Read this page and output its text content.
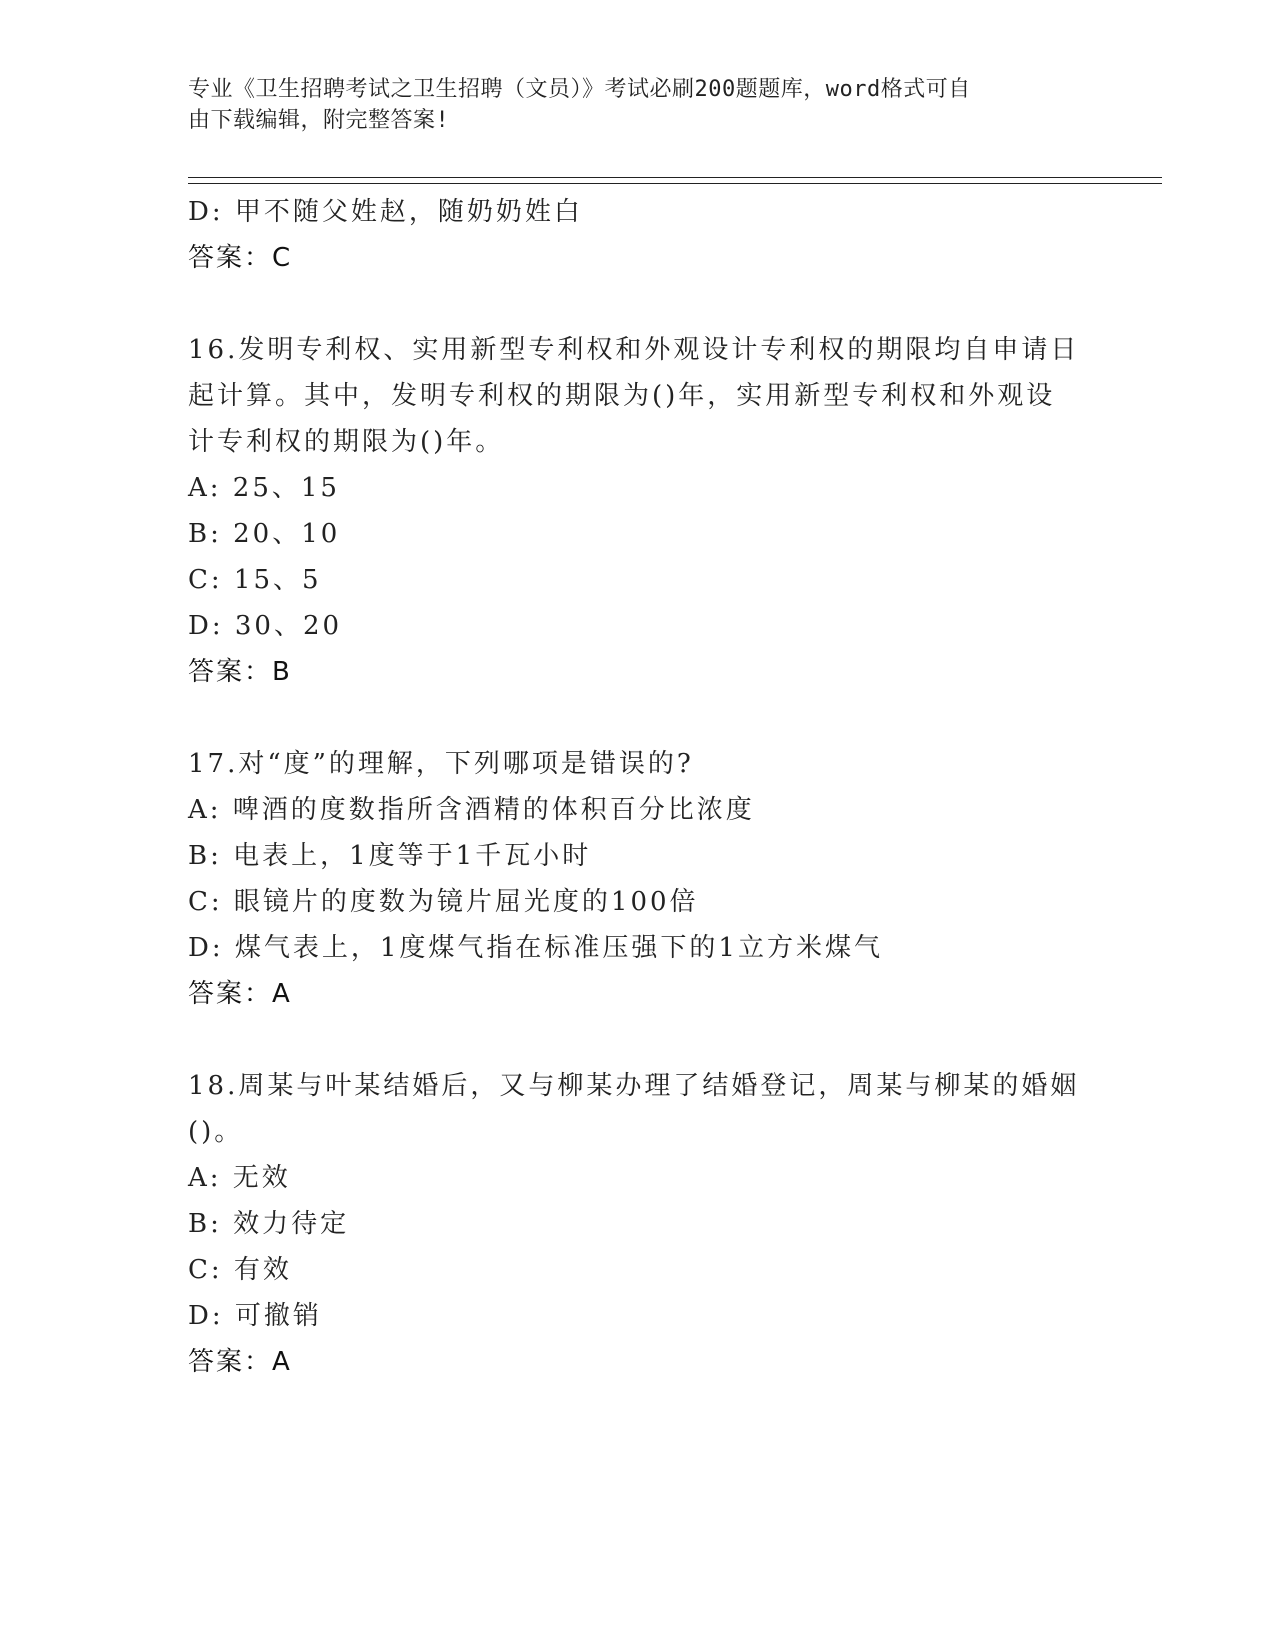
专业《卫生招聘考试之卫生招聘（文员）》考试必刷200题题库，word格式可自
由下载编辑，附完整答案!
D: 甲不随父姓赵，随奶奶姓白
答案：C
16.发明专利权、实用新型专利权和外观设计专利权的期限均自申请日
起计算。其中，发明专利权的期限为()年，实用新型专利权和外观设
计专利权的期限为()年。
A: 25、15
B: 20、10
C: 15、5
D: 30、20
答案：B
17.对“度”的理解，下列哪项是错误的?
A: 啤酒的度数指所含酒精的体积百分比浓度
B: 电表上，1度等于1千瓦小时
C: 眼镜片的度数为镜片屈光度的100倍
D: 煤气表上，1度煤气指在标准压强下的1立方米煤气
答案：A
18.周某与叶某结婚后，又与柳某办理了结婚登记，周某与柳某的婚姻
()。
A: 无效
B: 效力待定
C: 有效
D: 可撤销
答案：A
